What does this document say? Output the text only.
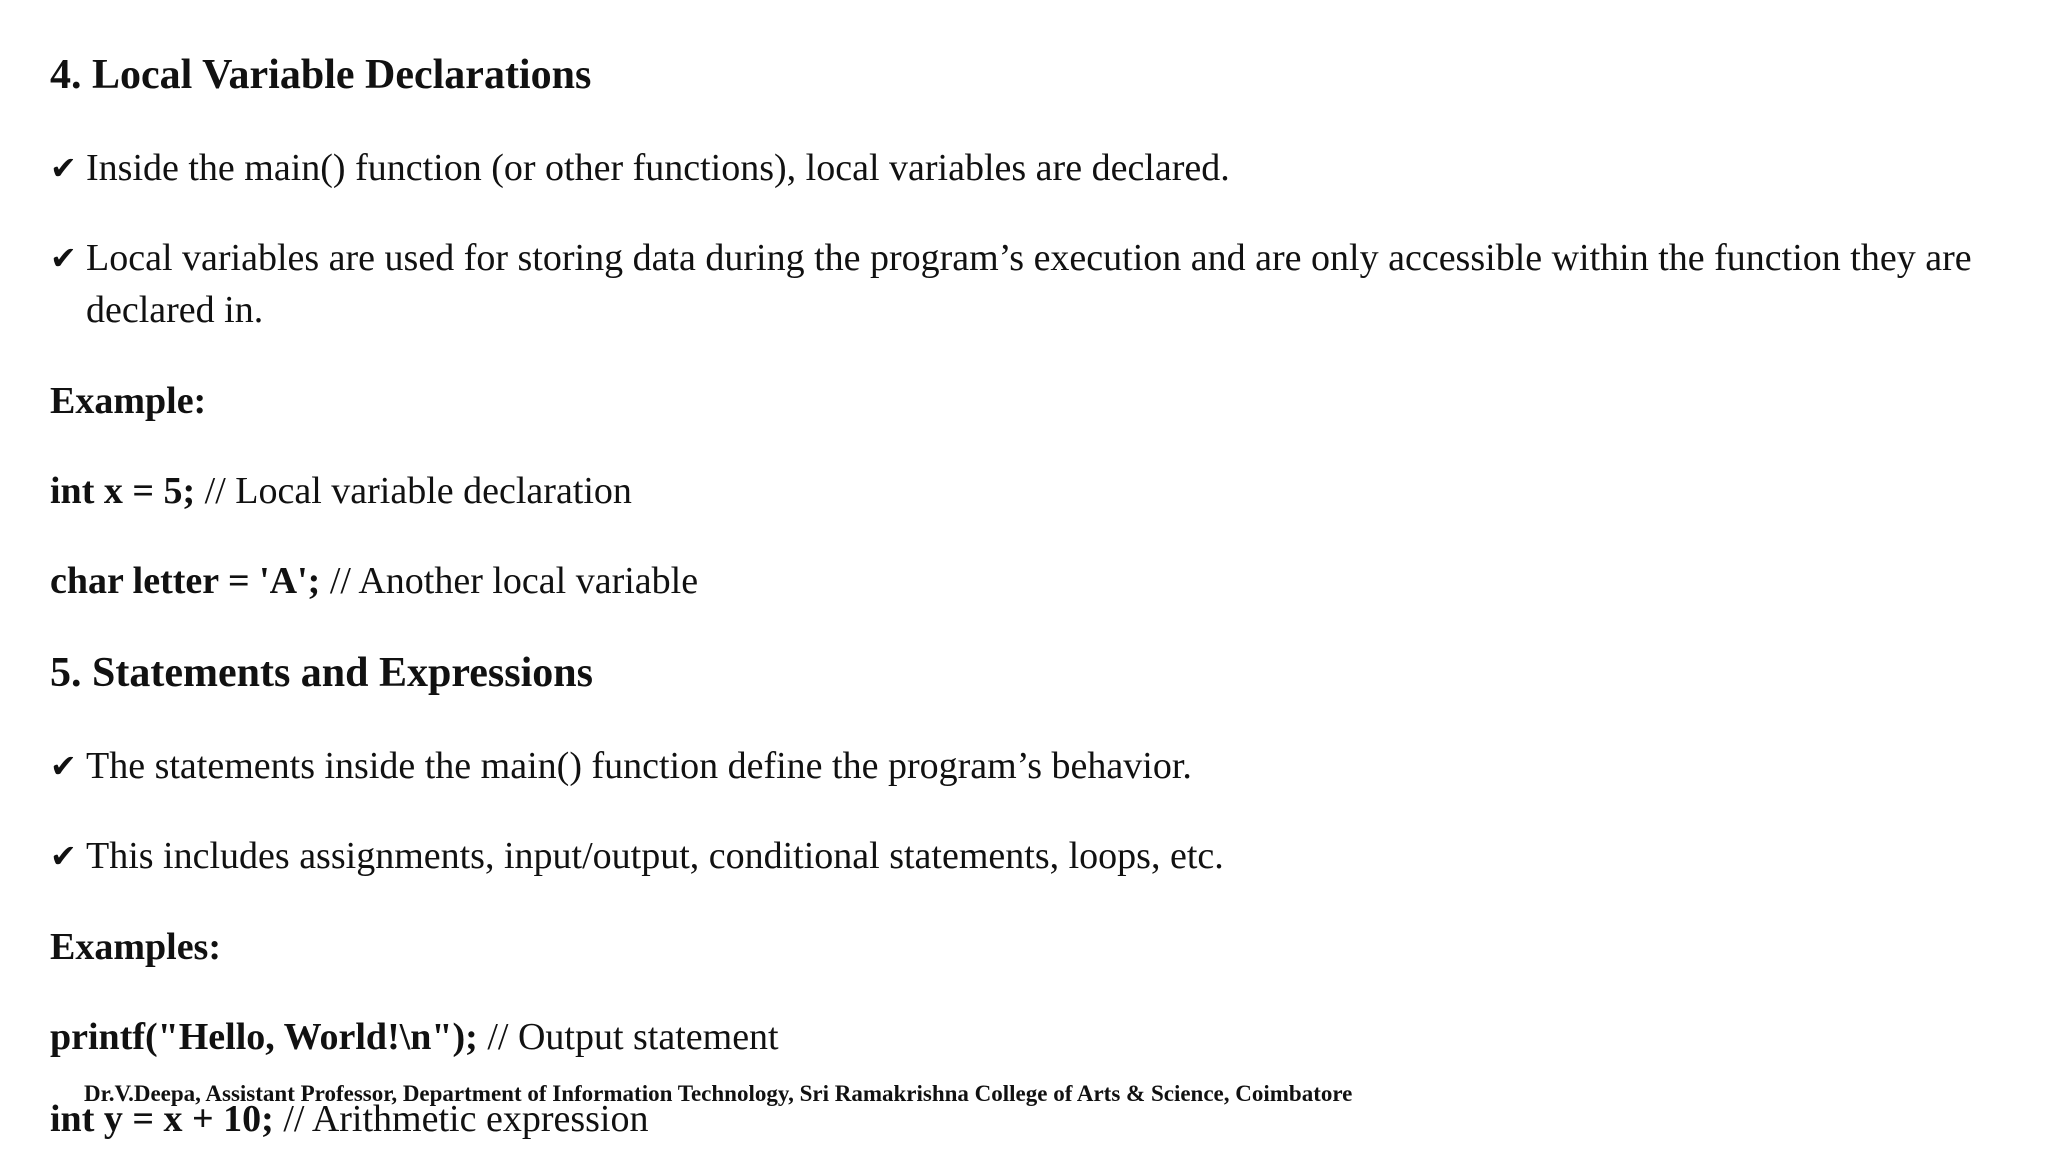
4. Local Variable Declarations
✔ Inside the main() function (or other functions), local variables are declared.
✔ Local variables are used for storing data during the program’s execution and are only accessible within the function they are declared in.
Example:
int x = 5; // Local variable declaration
char letter = 'A'; // Another local variable
5. Statements and Expressions
✔ The statements inside the main() function define the program’s behavior.
✔ This includes assignments, input/output, conditional statements, loops, etc.
Examples:
printf("Hello, World!\n"); // Output statement
int y = x + 10; // Arithmetic expression
Dr.V.Deepa, Assistant Professor, Department of Information Technology, Sri Ramakrishna College of Arts & Science, Coimbatore
